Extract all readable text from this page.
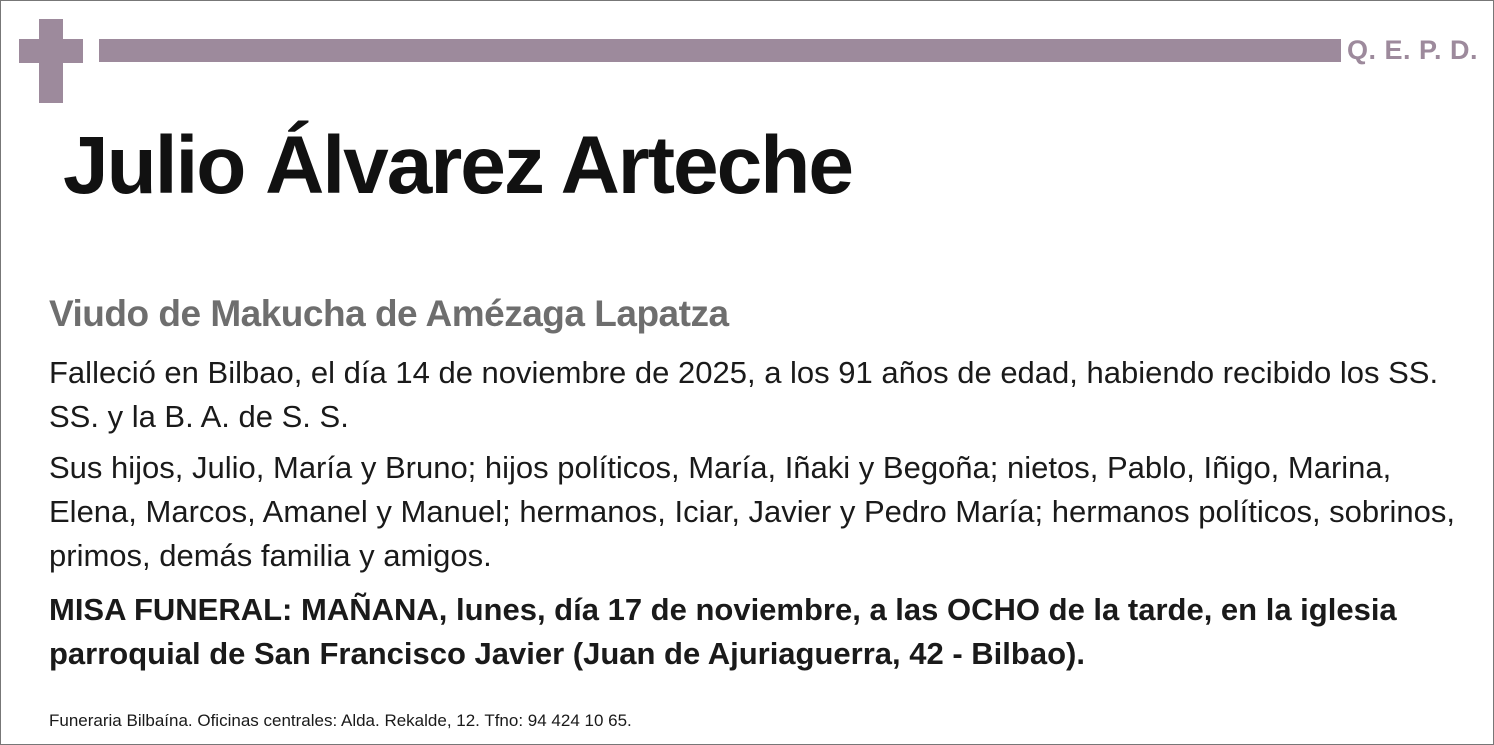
Q. E. P. D.
Julio Álvarez Arteche
Viudo de Makucha de Amézaga Lapatza
Falleció en Bilbao, el día 14 de noviembre de 2025, a los 91 años de edad, habiendo recibido los SS. SS. y la B. A. de S. S.
Sus hijos, Julio, María y Bruno; hijos políticos, María, Iñaki y Begoña; nietos, Pablo, Iñigo, Marina, Elena, Marcos, Amanel y Manuel; hermanos, Iciar, Javier y Pedro María; hermanos políticos, sobrinos, primos, demás familia y amigos.
MISA FUNERAL: MAÑANA, lunes, día 17 de noviembre, a las OCHO de la tarde, en la iglesia parroquial de San Francisco Javier (Juan de Ajuriaguerra, 42 - Bilbao).
Funeraria Bilbaína. Oficinas centrales: Alda. Rekalde, 12. Tfno: 94 424 10 65.
